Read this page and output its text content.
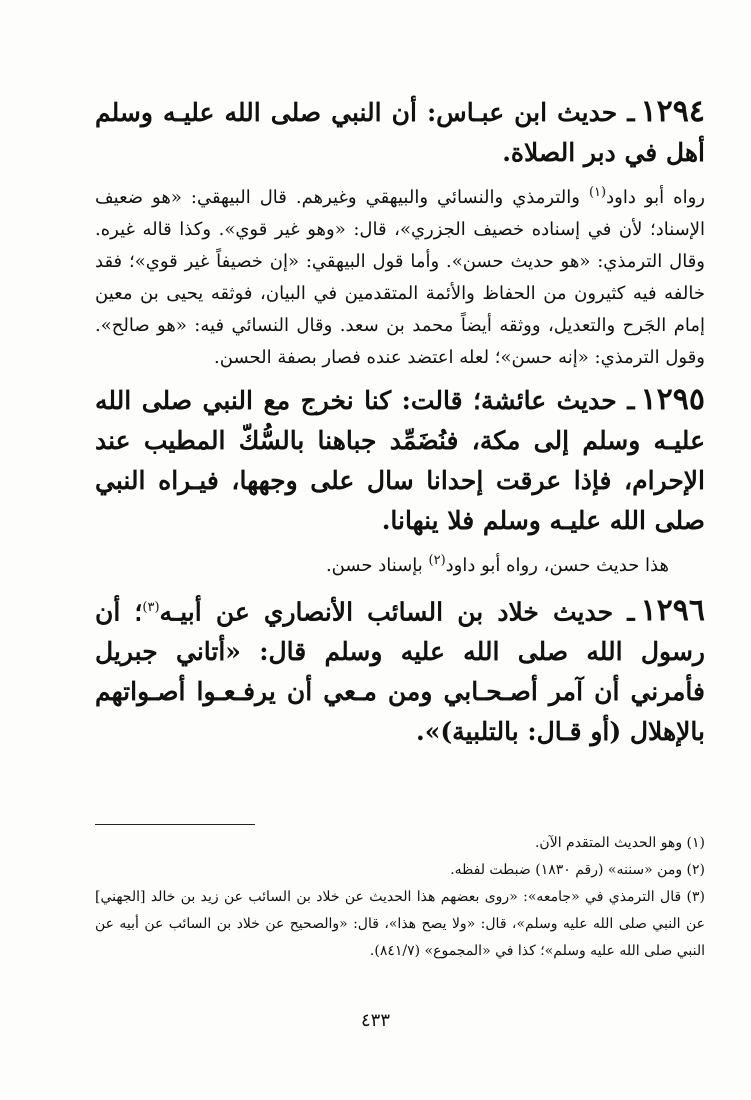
١٢٩٤ـ حديث ابن عبـاس: أن النبي صلى الله عليـه وسلم أهل في دبر الصلاة.

رواه أبو داود$^{(١)}$ والترمذي والنسائي والبيهقي وغيرهم. قال البيهقي: «هو ضعيف الإسناد؛ لأن في إسناده خصيف الجزري»، قال: «وهو غير قوي». وكذا قاله غيره. وقال الترمذي: «هو حديث حسن». وأما قول البيهقي: «إن خصيفاً غير قوي»؛ فقد خالفه فيه كثيرون من الحفاظ والأئمة المتقدمين في البيان، فوثقه يحيى بن معين إمام الجَرح والتعديل، ووثقه أيضاً محمد بن سعد. وقال النسائي فيه: «هو صالح». وقول الترمذي: «إنه حسن»؛ لعله اعتضد عنده فصار بصفة الحسن.

١٢٩٥ـ حديث عائشة؛ قالت: كنا نخرج مع النبي صلى الله عليـه وسلم إلى مكة، فنُضَمِّد جباهنا بالسُّكّ المطيب عند الإحرام، فإذا عرقت إحدانا سال على وجهها، فيـراه النبي صلى الله عليـه وسلم فلا ينهانا.

هذا حديث حسن، رواه أبو داود$^{(٢)}$ بإسناد حسن.

١٢٩٦ـ حديث خلاد بن السائب الأنصاري عن أبيـه$^{(٣)}$؛ أن رسول الله صلى الله عليه وسلم قال: «أتاني جبريل فأمرني أن آمر أصـحـابي ومن مـعي أن يرفـعـوا أصـواتهم بالإهلال (أو قـال: بالتلبية)».

(١) وهو الحديث المتقدم الآن.

(٢) ومن «سننه» (رقم ١٨٣٠) ضبطت لفظه.

(٣) قال الترمذي في «جامعه»: «روى بعضهم هذا الحديث عن خلاد بن السائب عن زيد بن خالد [الجهني] عن النبي صلى الله عليه وسلم»، قال: «ولا يصح هذا»، قال: «والصحيح عن خلاد بن السائب عن أبيه عن النبي صلى الله عليه وسلم»؛ كذا في «المجموع» (٨٤١/٧).

٤٣٣
